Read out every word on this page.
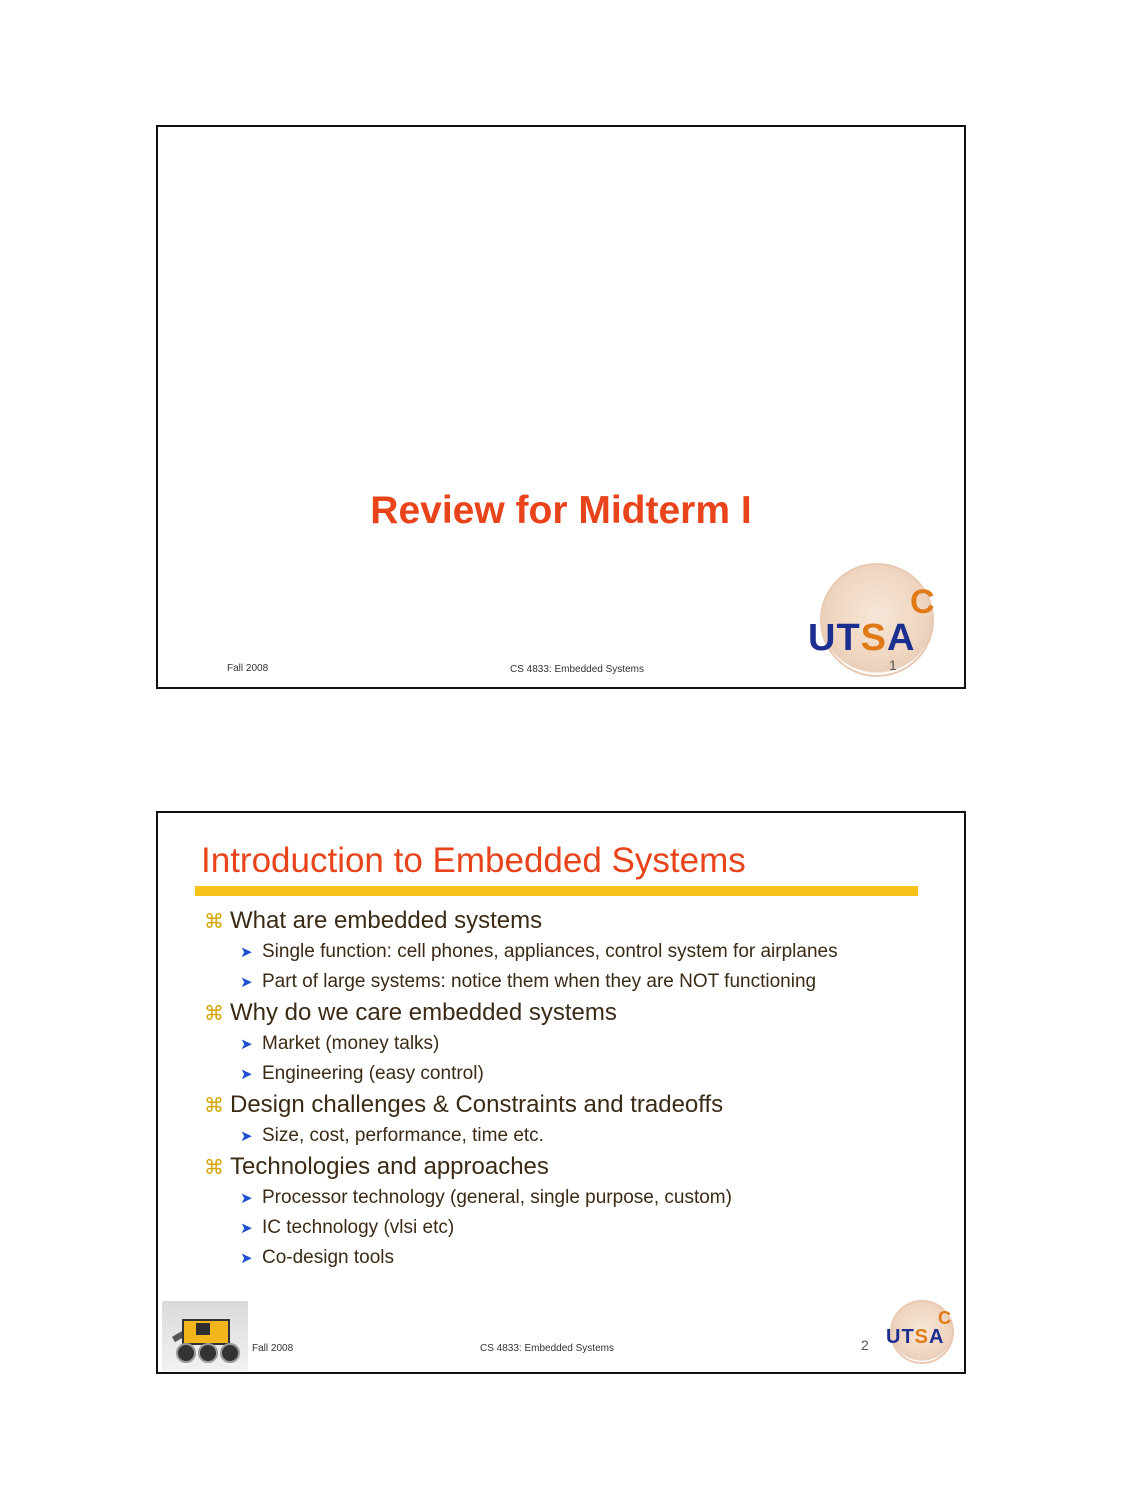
Review for Midterm I
C
UTSA
Fall 2008	CS 4833: Embedded Systems	1
Introduction to Embedded Systems
⌘ What are embedded systems
➤ Single function: cell phones, appliances, control system for airplanes
➤ Part of large systems: notice them when they are NOT functioning
⌘ Why do we care embedded systems
➤ Market (money talks)
➤ Engineering (easy control)
⌘ Design challenges & Constraints and tradeoffs
➤ Size, cost, performance, time etc.
⌘ Technologies and approaches
➤ Processor technology (general, single purpose, custom)
➤ IC technology (vlsi etc)
➤ Co-design tools
C
UTSA
Fall 2008	CS 4833: Embedded Systems	2
